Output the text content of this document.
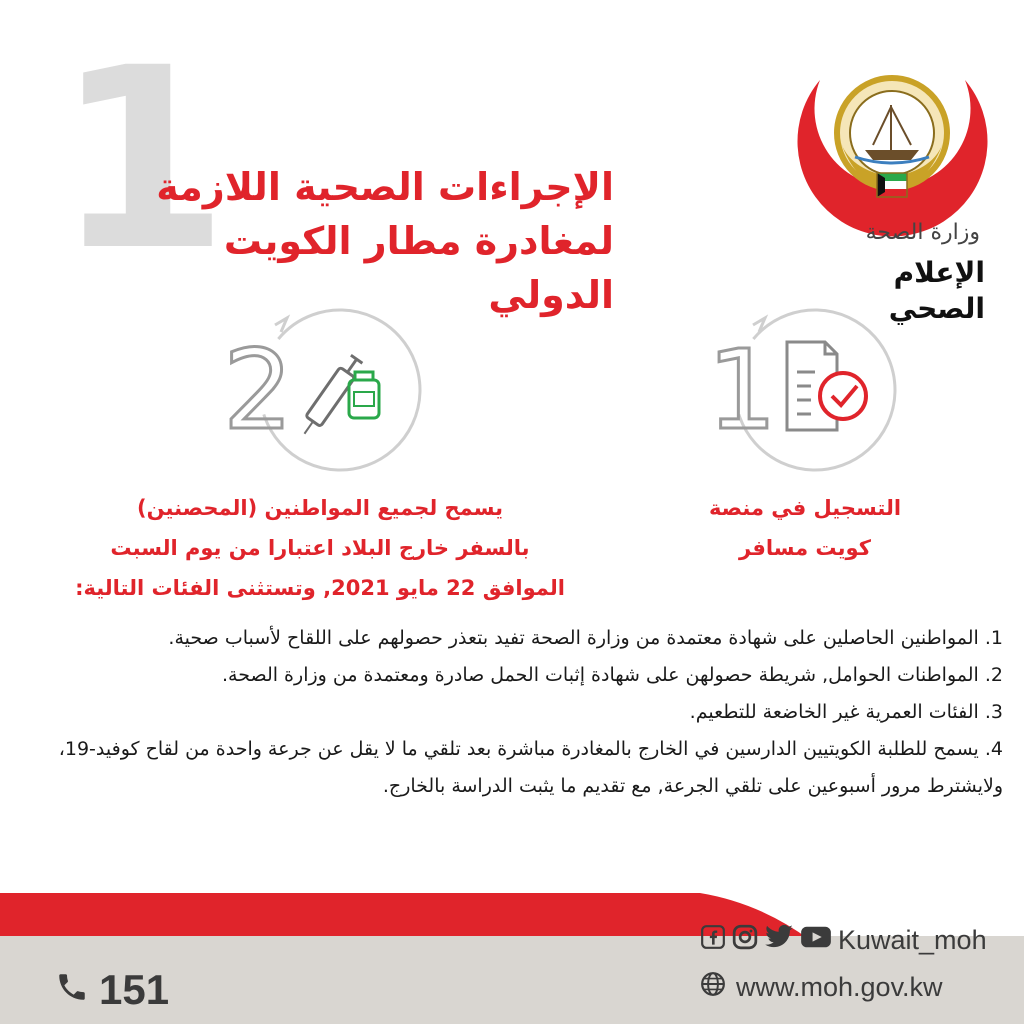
1
الإجراءات الصحية اللازمة
لمغادرة مطار الكويت الدولي
وزارة الصحة
الإعلام الصحي
2	1
التسجيل في منصة
كويت مسافر
يسمح لجميع المواطنين (المحصنين)
بالسفر خارج البلاد اعتبارا من يوم السبت
الموافق 22 مايو 2021, وتستثنى الفئات التالية:

1. المواطنين الحاصلين على شهادة معتمدة من وزارة الصحة تفيد بتعذر حصولهم على اللقاح لأسباب صحية.

2. المواطنات الحوامل, شريطة حصولهن على شهادة إثبات الحمل صادرة ومعتمدة من وزارة الصحة.

3. الفئات العمرية غير الخاضعة للتطعيم.

4. يسمح للطلبة الكويتيين الدارسين في الخارج بالمغادرة مباشرة بعد تلقي ما لا يقل عن جرعة واحدة من لقاح كوفيد-19، ولايشترط مرور أسبوعين على تلقي الجرعة, مع تقديم ما يثبت الدراسة بالخارج.

151
Kuwait_moh
www.moh.gov.kw
